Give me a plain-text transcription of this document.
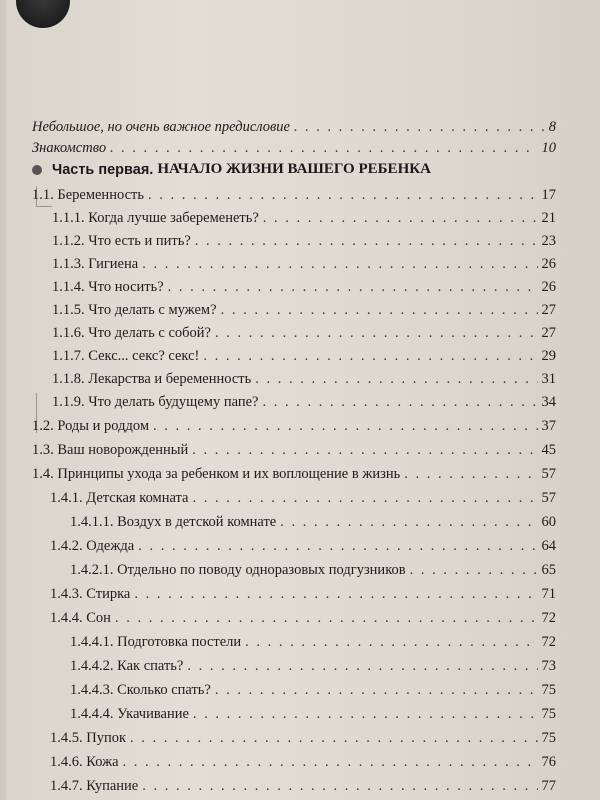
Небольшое, но очень важное предисловие . . .	8
Знакомство . . .	10
Часть первая.
НАЧАЛО ЖИЗНИ ВАШЕГО РЕБЕНКА
1.1. Беременность . . .	17
1.1.1. Когда лучше забеременеть? . . .	21
1.1.2. Что есть и пить? . . .	23
1.1.3. Гигиена . . .	26
1.1.4. Что носить? . . .	26
1.1.5. Что делать с мужем? . . .	27
1.1.6. Что делать с собой? . . .	27
1.1.7. Секс... секс? секс! . . .	29
1.1.8. Лекарства и беременность . . .	31
1.1.9. Что делать будущему папе? . . .	34
1.2. Роды и роддом . . .	37
1.3. Ваш новорожденный . . .	45
1.4. Принципы ухода за ребенком и их воплощение в жизнь . . .	57
1.4.1. Детская комната . . .	57
1.4.1.1. Воздух в детской комнате . . .	60
1.4.2. Одежда . . .	64
1.4.2.1. Отдельно по поводу одноразовых подгузников . . .	65
1.4.3. Стирка . . .	71
1.4.4. Сон . . .	72
1.4.4.1. Подготовка постели . . .	72
1.4.4.2. Как спать? . . .	73
1.4.4.3. Сколько спать? . . .	75
1.4.4.4. Укачивание . . .	75
1.4.5. Пупок . . .	75
1.4.6. Кожа . . .	76
1.4.7. Купание . . .	77
